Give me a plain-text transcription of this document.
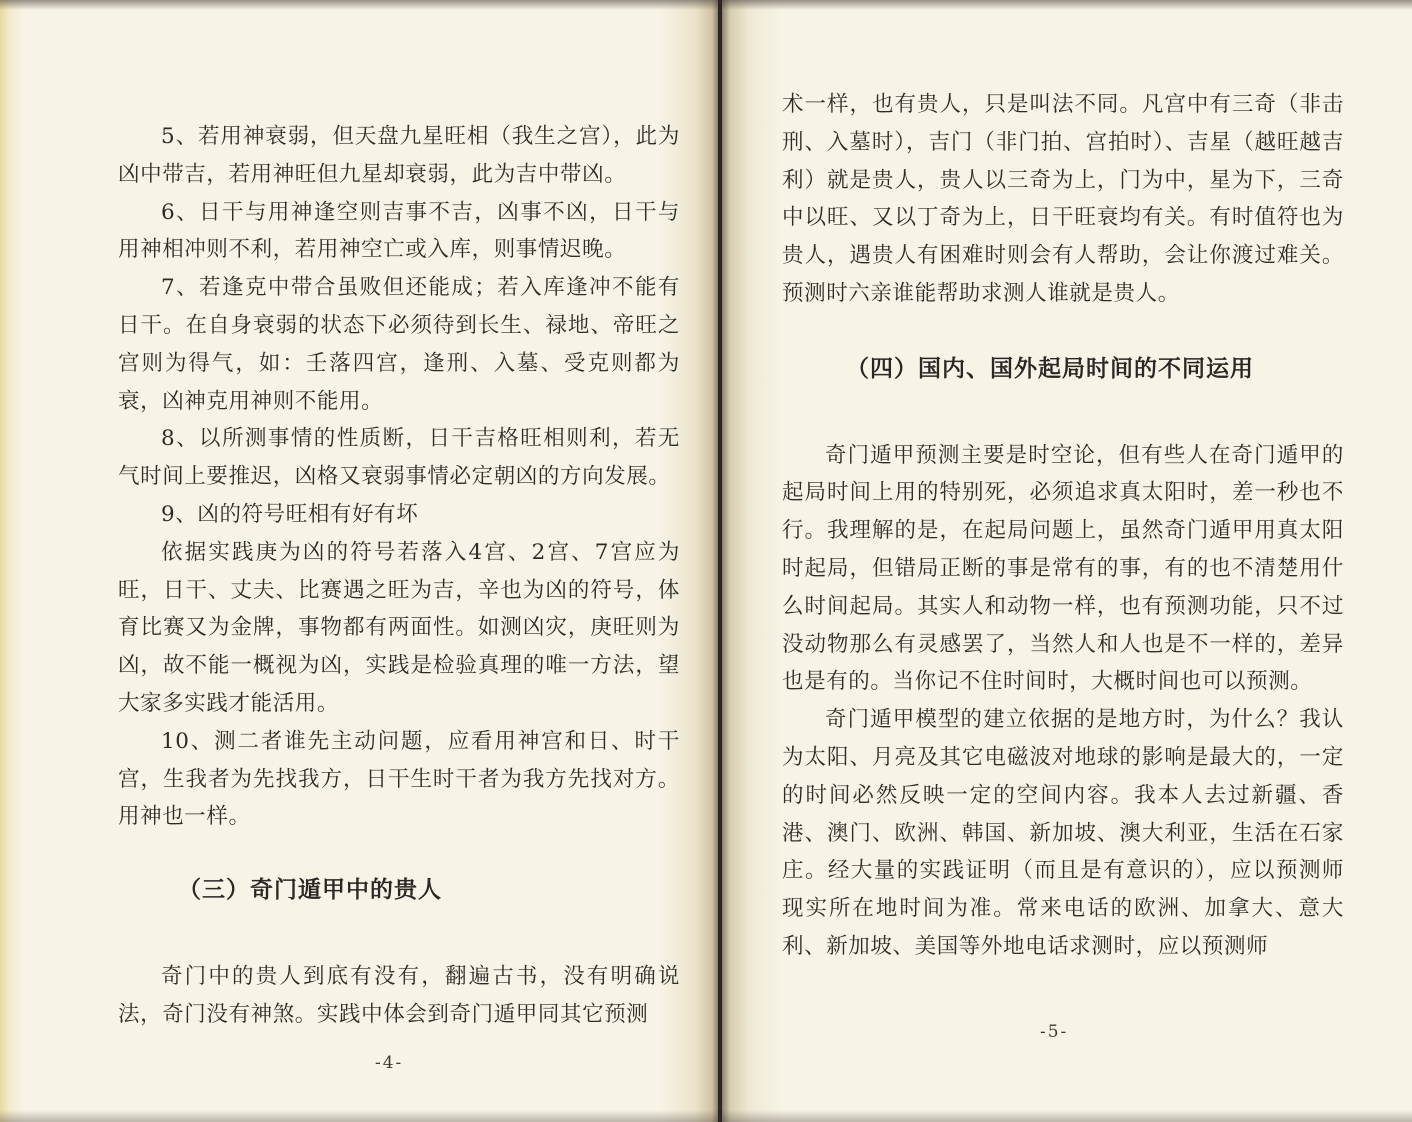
5、若用神衰弱，但天盘九星旺相（我生之宫），此为凶中带吉，若用神旺但九星却衰弱，此为吉中带凶。

6、日干与用神逢空则吉事不吉，凶事不凶，日干与用神相冲则不利，若用神空亡或入库，则事情迟晚。

7、若逢克中带合虽败但还能成；若入库逢冲不能有日干。在自身衰弱的状态下必须待到长生、禄地、帝旺之宫则为得气，如：壬落四宫，逢刑、入墓、受克则都为衰，凶神克用神则不能用。

8、以所测事情的性质断，日干吉格旺相则利，若无气时间上要推迟，凶格又衰弱事情必定朝凶的方向发展。

9、凶的符号旺相有好有坏

依据实践庚为凶的符号若落入4宫、2宫、7宫应为旺，日干、丈夫、比赛遇之旺为吉，辛也为凶的符号，体育比赛又为金牌，事物都有两面性。如测凶灾，庚旺则为凶，故不能一概视为凶，实践是检验真理的唯一方法，望大家多实践才能活用。

10、测二者谁先主动问题，应看用神宫和日、时干宫，生我者为先找我方，日干生时干者为我方先找对方。用神也一样。

（三）奇门遁甲中的贵人

奇门中的贵人到底有没有，翻遍古书，没有明确说法，奇门没有神煞。实践中体会到奇门遁甲同其它预测

-4-

术一样，也有贵人，只是叫法不同。凡宫中有三奇（非击刑、入墓时），吉门（非门拍、宫拍时）、吉星（越旺越吉利）就是贵人，贵人以三奇为上，门为中，星为下，三奇中以旺、又以丁奇为上，日干旺衰均有关。有时值符也为贵人，遇贵人有困难时则会有人帮助，会让你渡过难关。预测时六亲谁能帮助求测人谁就是贵人。

（四）国内、国外起局时间的不同运用

奇门遁甲预测主要是时空论，但有些人在奇门遁甲的起局时间上用的特别死，必须追求真太阳时，差一秒也不行。我理解的是，在起局问题上，虽然奇门遁甲用真太阳时起局，但错局正断的事是常有的事，有的也不清楚用什么时间起局。其实人和动物一样，也有预测功能，只不过没动物那么有灵感罢了，当然人和人也是不一样的，差异也是有的。当你记不住时间时，大概时间也可以预测。

奇门遁甲模型的建立依据的是地方时，为什么？我认为太阳、月亮及其它电磁波对地球的影响是最大的，一定的时间必然反映一定的空间内容。我本人去过新疆、香港、澳门、欧洲、韩国、新加坡、澳大利亚，生活在石家庄。经大量的实践证明（而且是有意识的），应以预测师现实所在地时间为准。常来电话的欧洲、加拿大、意大利、新加坡、美国等外地电话求测时，应以预测师

-5-
